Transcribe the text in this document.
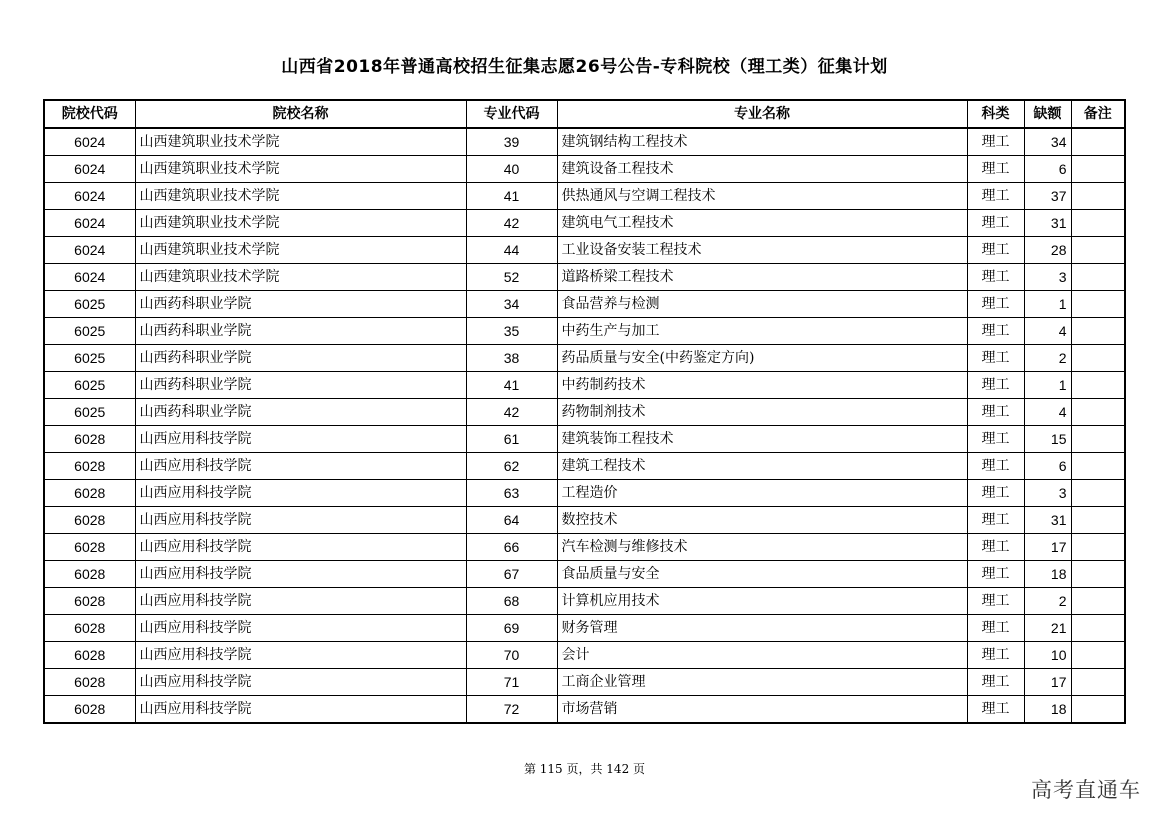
山西省2018年普通高校招生征集志愿26号公告-专科院校（理工类）征集计划
院校代码	院校名称	专业代码	专业名称	科类	缺额	备注
6024	山西建筑职业技术学院	39	建筑钢结构工程技术	理工	34	
6024	山西建筑职业技术学院	40	建筑设备工程技术	理工	6	
6024	山西建筑职业技术学院	41	供热通风与空调工程技术	理工	37	
6024	山西建筑职业技术学院	42	建筑电气工程技术	理工	31	
6024	山西建筑职业技术学院	44	工业设备安装工程技术	理工	28	
6024	山西建筑职业技术学院	52	道路桥梁工程技术	理工	3	
6025	山西药科职业学院	34	食品营养与检测	理工	1	
6025	山西药科职业学院	35	中药生产与加工	理工	4	
6025	山西药科职业学院	38	药品质量与安全(中药鉴定方向)	理工	2	
6025	山西药科职业学院	41	中药制药技术	理工	1	
6025	山西药科职业学院	42	药物制剂技术	理工	4	
6028	山西应用科技学院	61	建筑装饰工程技术	理工	15	
6028	山西应用科技学院	62	建筑工程技术	理工	6	
6028	山西应用科技学院	63	工程造价	理工	3	
6028	山西应用科技学院	64	数控技术	理工	31	
6028	山西应用科技学院	66	汽车检测与维修技术	理工	17	
6028	山西应用科技学院	67	食品质量与安全	理工	18	
6028	山西应用科技学院	68	计算机应用技术	理工	2	
6028	山西应用科技学院	69	财务管理	理工	21	
6028	山西应用科技学院	70	会计	理工	10	
6028	山西应用科技学院	71	工商企业管理	理工	17	
6028	山西应用科技学院	72	市场营销	理工	18	
第 115 页，共 142 页
高考直通车
